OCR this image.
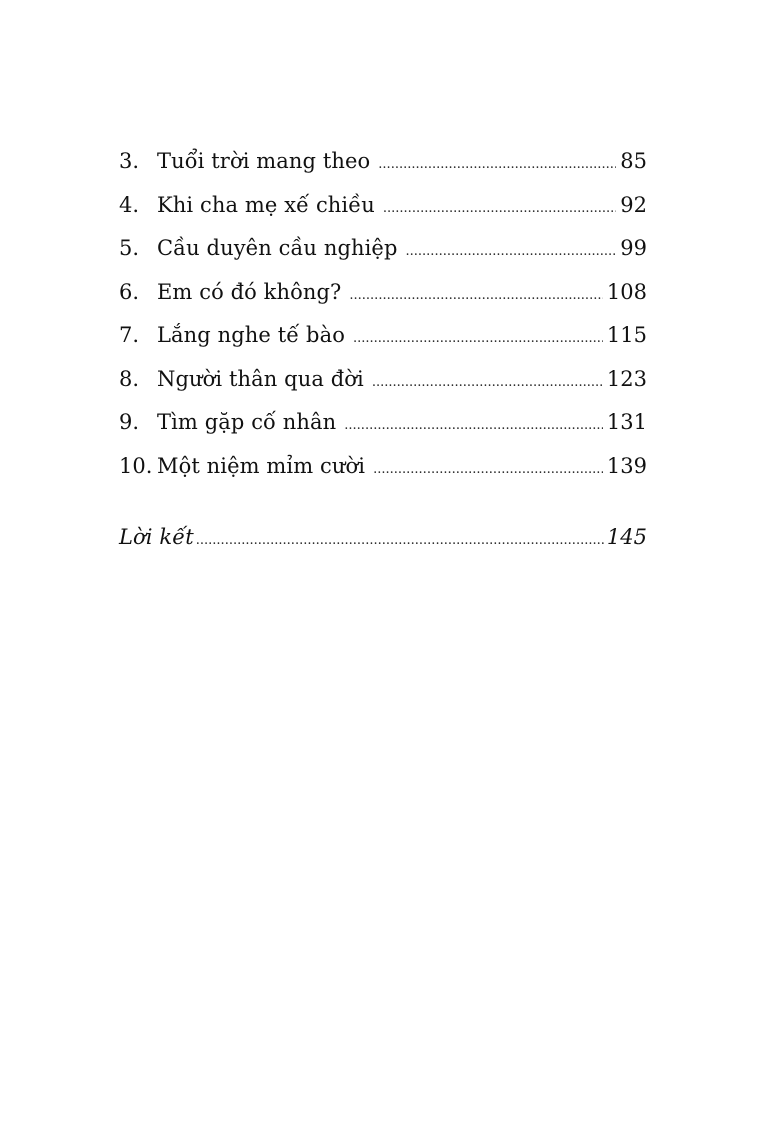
3. Tuổi trời mang theo .....	85
4. Khi cha mẹ xế chiều .....	92
5. Cầu duyên cầu nghiệp .....	99
6. Em có đó không? .....	108
7. Lắng nghe tế bào .....	115
8. Người thân qua đời .....	123
9. Tìm gặp cố nhân .....	131
10. Một niệm mỉm cười .....	139
Lời kết .....	145
